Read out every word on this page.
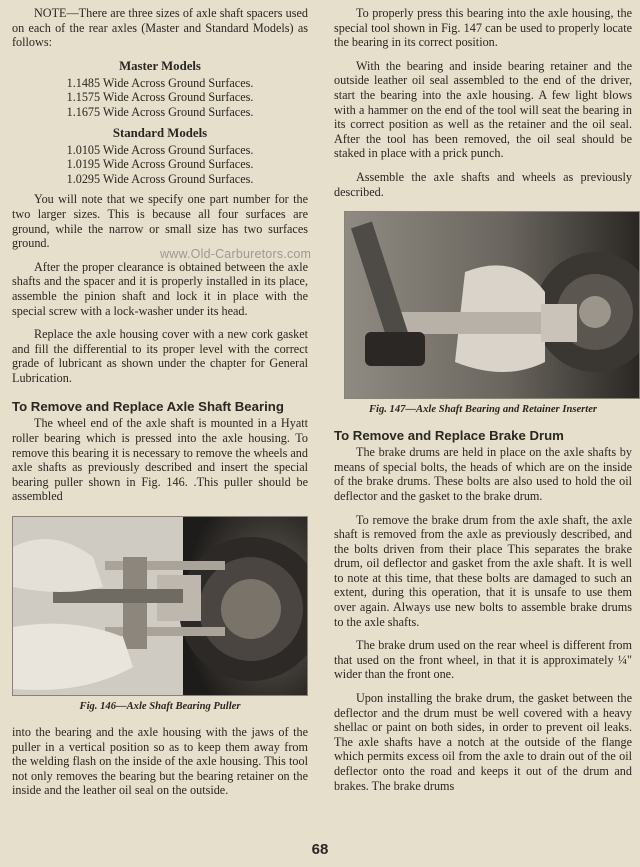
NOTE—There are three sizes of axle shaft spacers used on each of the rear axles (Master and Standard Models) as follows:

Master Models
1.1485 Wide Across Ground Surfaces.
1.1575 Wide Across Ground Surfaces.
1.1675 Wide Across Ground Surfaces.
Standard Models
1.0105 Wide Across Ground Surfaces.
1.0195 Wide Across Ground Surfaces.
1.0295 Wide Across Ground Surfaces.

You will note that we specify one part number for the two larger sizes. This is because all four surfaces are ground, while the narrow or small size has two surfaces ground.

After the proper clearance is obtained between the axle shafts and the spacer and it is properly installed in its place, assemble the pinion shaft and lock it in place with the special screw with a lock-washer under its head.

Replace the axle housing cover with a new cork gasket and fill the differential to its proper level with the correct grade of lubricant as shown under the chapter for General Lubrication.

To Remove and Replace Axle Shaft Bearing

The wheel end of the axle shaft is mounted in a Hyatt roller bearing which is pressed into the axle housing. To remove this bearing it is necessary to remove the wheels and axle shafts as previously described and insert the special bearing puller shown in Fig. 146. .This puller should be assembled

Fig. 146—Axle Shaft Bearing Puller

into the bearing and the axle housing with the jaws of the puller in a vertical position so as to keep them away from the welding flash on the inside of the axle housing. This tool not only removes the bearing but the bearing retainer on the inside and the leather oil seal on the outside.

www.Old-Carburetors.com

To properly press this bearing into the axle housing, the special tool shown in Fig. 147 can be used to properly locate the bearing in its correct position.

With the bearing and inside bearing retainer and the outside leather oil seal assembled to the end of the driver, start the bearing into the axle housing. A few light blows with a hammer on the end of the tool will seat the bearing in its correct position as well as the retainer and the oil seal. After the tool has been removed, the oil seal should be staked in place with a prick punch.

Assemble the axle shafts and wheels as previously described.

Fig. 147—Axle Shaft Bearing and Retainer Inserter
To Remove and Replace Brake Drum

The brake drums are held in place on the axle shafts by means of special bolts, the heads of which are on the inside of the brake drums. These bolts are also used to hold the oil deflector and the gasket to the brake drum.

To remove the brake drum from the axle shaft, the axle shaft is removed from the axle as previously described, and the bolts driven from their place This separates the brake drum, oil deflector and gasket from the axle shaft. It is well to note at this time, that these bolts are damaged to such an extent, during this operation, that it is unsafe to use them over again. Always use new bolts to assemble brake drums to the axle shafts.

The brake drum used on the rear wheel is different from that used on the front wheel, in that it is approximately ¼" wider than the front one.

Upon installing the brake drum, the gasket between the deflector and the drum must be well covered with a heavy shellac or paint on both sides, in order to prevent oil leaks. The axle shafts have a notch at the outside of the flange which permits excess oil from the axle to drain out of the oil deflector onto the road and keeps it out of the drum and brakes. The brake drums

68
